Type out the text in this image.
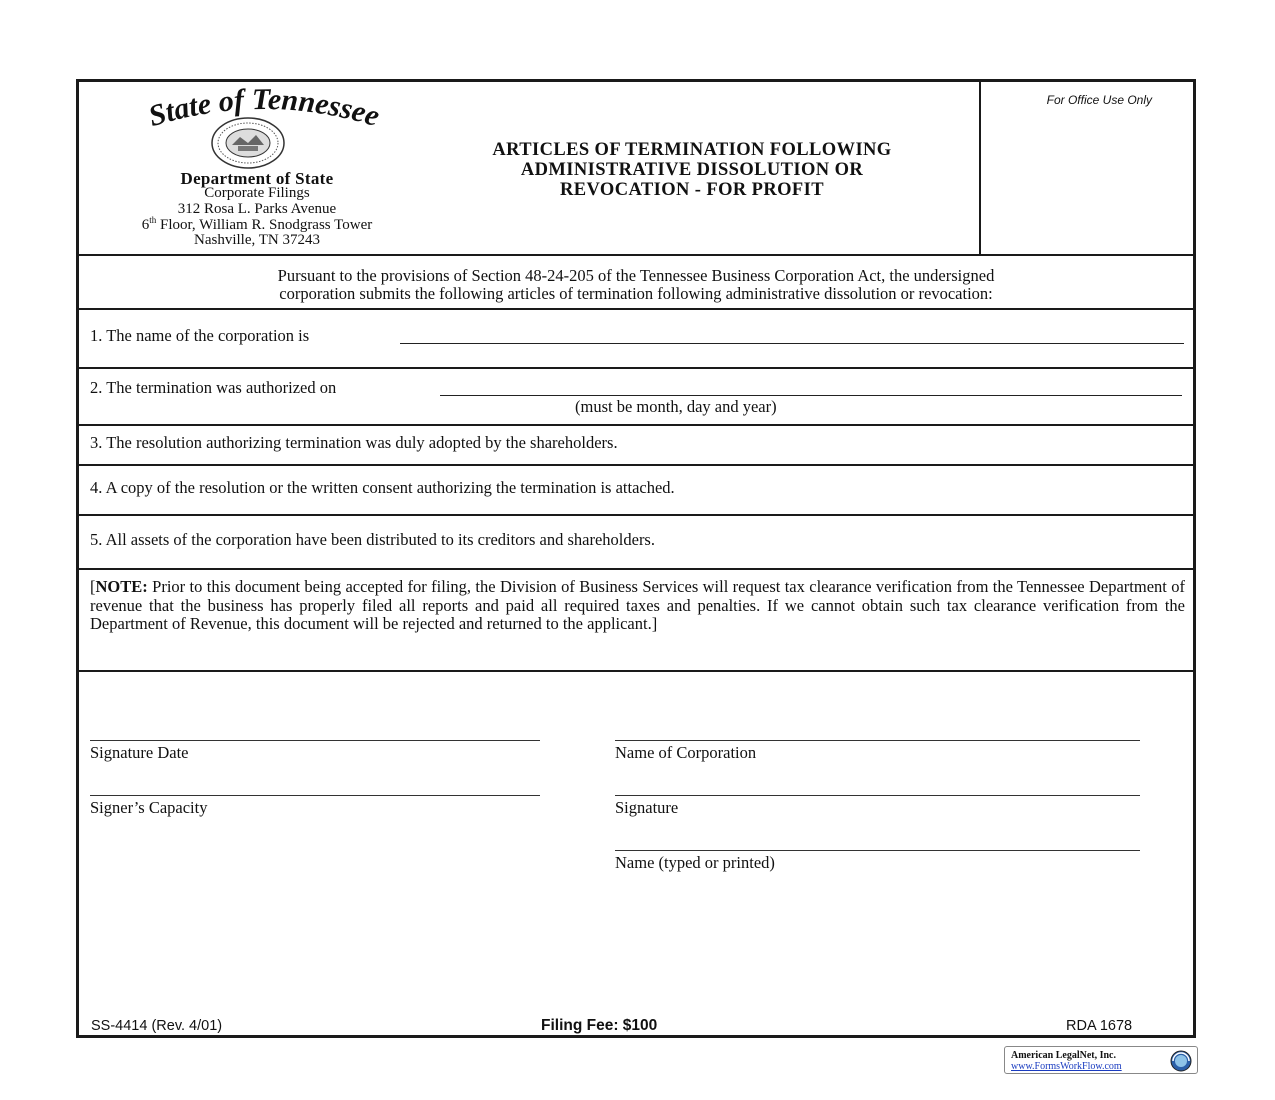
State of Tennessee
Department of State
Corporate Filings
312 Rosa L. Parks Avenue
6th Floor, William R. Snodgrass Tower
Nashville, TN 37243
ARTICLES OF TERMINATION FOLLOWING
ADMINISTRATIVE DISSOLUTION OR
REVOCATION - FOR PROFIT
For Office Use Only
Pursuant to the provisions of Section 48-24-205 of the Tennessee Business Corporation Act, the undersigned
corporation submits the following articles of termination following administrative dissolution or revocation:
1. The name of the corporation is
2. The termination was authorized on
(must be month, day and year)
3. The resolution authorizing termination was duly adopted by the shareholders.
4. A copy of the resolution or the written consent authorizing the termination is attached.
5. All assets of the corporation have been distributed to its creditors and shareholders.
[NOTE: Prior to this document being accepted for filing, the Division of Business Services will request tax clearance verification from the Tennessee Department of revenue that the business has properly filed all reports and paid all required taxes and penalties. If we cannot obtain such tax clearance verification from the Department of Revenue, this document will be rejected and returned to the applicant.]
Signature Date	Name of Corporation
Signer’s Capacity	Signature
Name (typed or printed)
SS-4414 (Rev. 4/01)	Filing Fee: $100	RDA 1678
American LegalNet, Inc.
www.FormsWorkFlow.com
